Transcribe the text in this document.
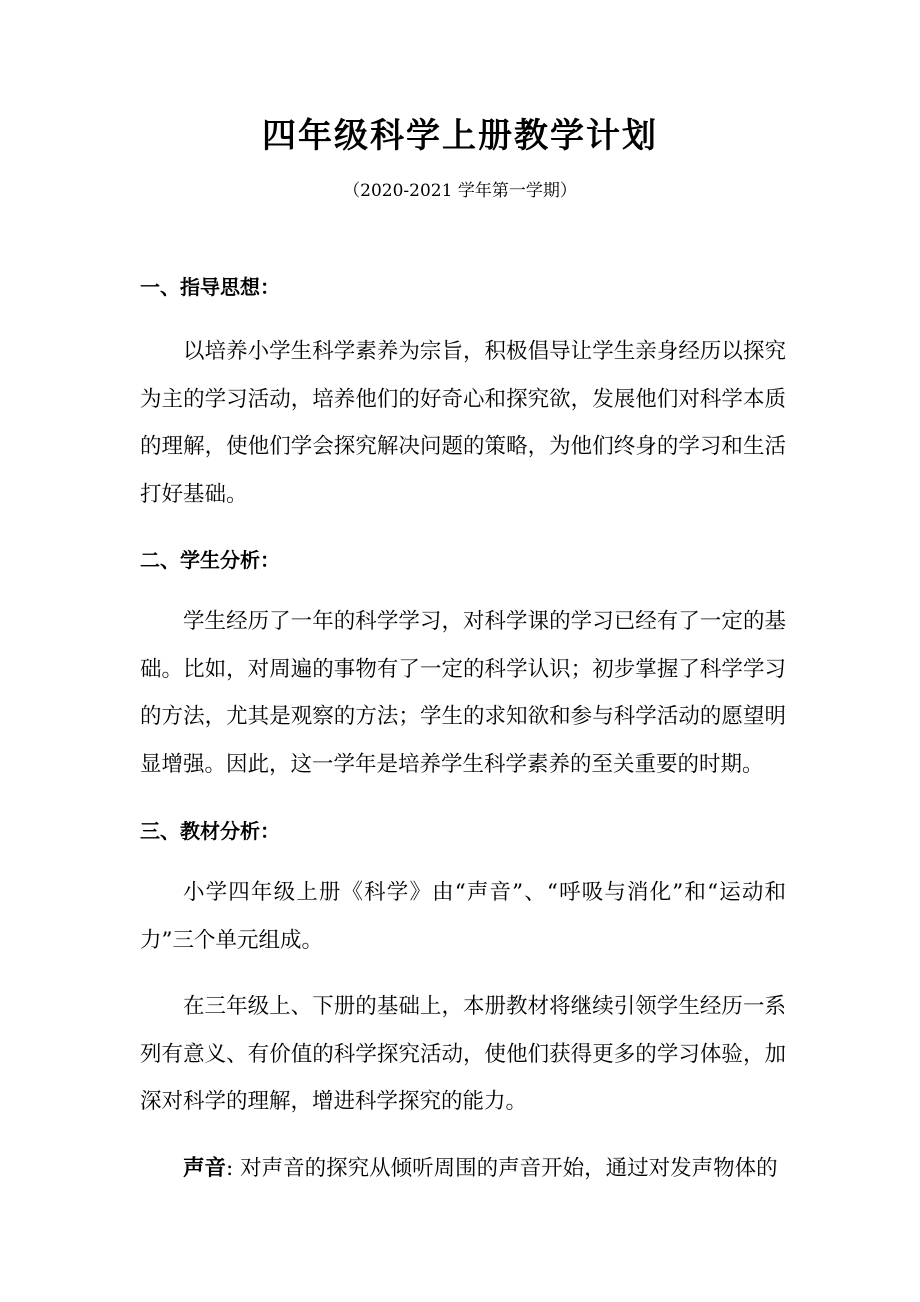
四年级科学上册教学计划
（2020-2021 学年第一学期）
一、指导思想：

以培养小学生科学素养为宗旨，积极倡导让学生亲身经历以探究为主的学习活动，培养他们的好奇心和探究欲，发展他们对科学本质的理解，使他们学会探究解决问题的策略，为他们终身的学习和生活打好基础。

二、学生分析：

学生经历了一年的科学学习，对科学课的学习已经有了一定的基础。比如，对周遍的事物有了一定的科学认识；初步掌握了科学学习的方法，尤其是观察的方法；学生的求知欲和参与科学活动的愿望明显增强。因此，这一学年是培养学生科学素养的至关重要的时期。

三、教材分析：

小学四年级上册《科学》由“声音”、“呼吸与消化”和“运动和力”三个单元组成。

在三年级上、下册的基础上，本册教材将继续引领学生经历一系列有意义、有价值的科学探究活动，使他们获得更多的学习体验，加深对科学的理解，增进科学探究的能力。

声音: 对声音的探究从倾听周围的声音开始，通过对发声物体的
